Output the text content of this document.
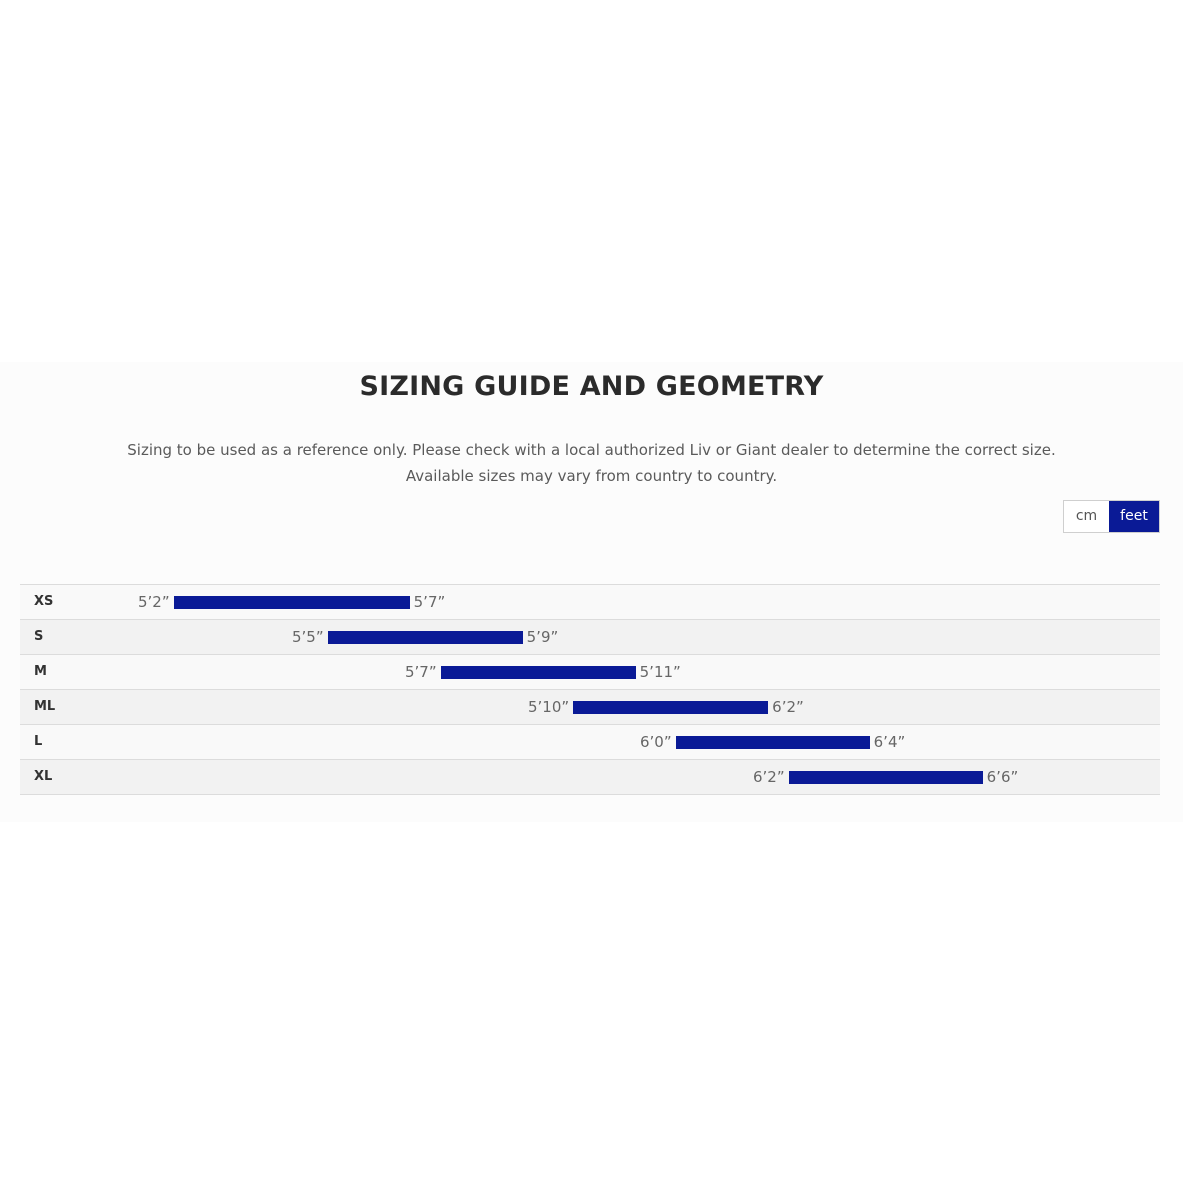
SIZING GUIDE AND GEOMETRY

Sizing to be used as a reference only. Please check with a local authorized Liv or Giant dealer to determine the correct size.

Available sizes may vary from country to country.

cm	feet
XS	5’2”	5’7”
S	5’5”	5’9”
M	5’7”	5’11”
ML	5’10”	6’2”
L	6’0”	6’4”
XL	6’2”	6’6”
